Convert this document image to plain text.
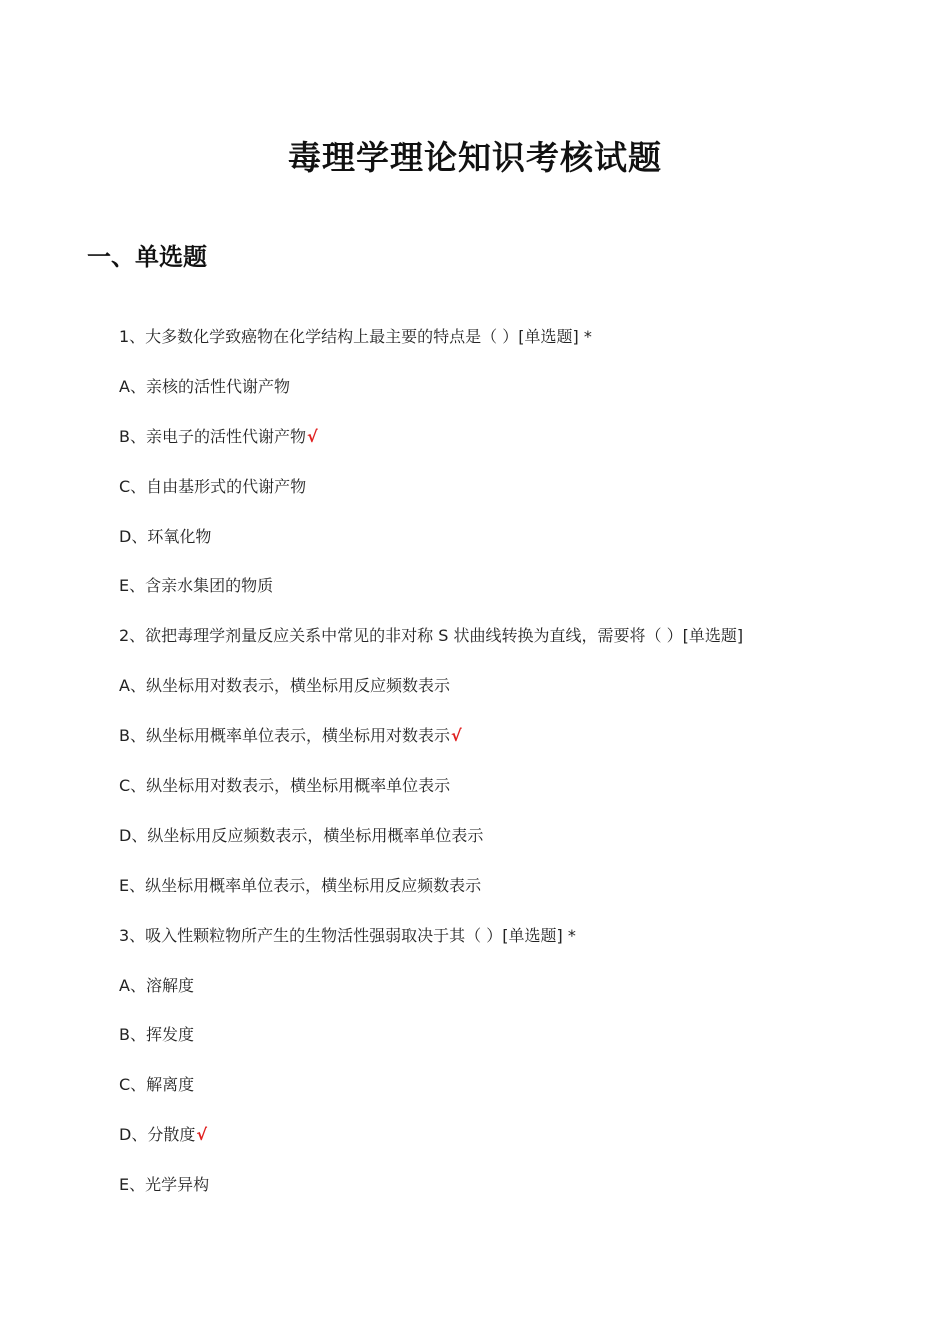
毒理学理论知识考核试题
一、单选题
1、大多数化学致癌物在化学结构上最主要的特点是（ ）[单选题] *
A、亲核的活性代谢产物
B、亲电子的活性代谢产物√
C、自由基形式的代谢产物
D、环氧化物
E、含亲水集团的物质
2、欲把毒理学剂量反应关系中常见的非对称 S 状曲线转换为直线，需要将（ ）[单选题]
A、纵坐标用对数表示，横坐标用反应频数表示
B、纵坐标用概率单位表示，横坐标用对数表示√
C、纵坐标用对数表示，横坐标用概率单位表示
D、纵坐标用反应频数表示，横坐标用概率单位表示
E、纵坐标用概率单位表示，横坐标用反应频数表示
3、吸入性颗粒物所产生的生物活性强弱取决于其（ ）[单选题] *
A、溶解度
B、挥发度
C、解离度
D、分散度√
E、光学异构
